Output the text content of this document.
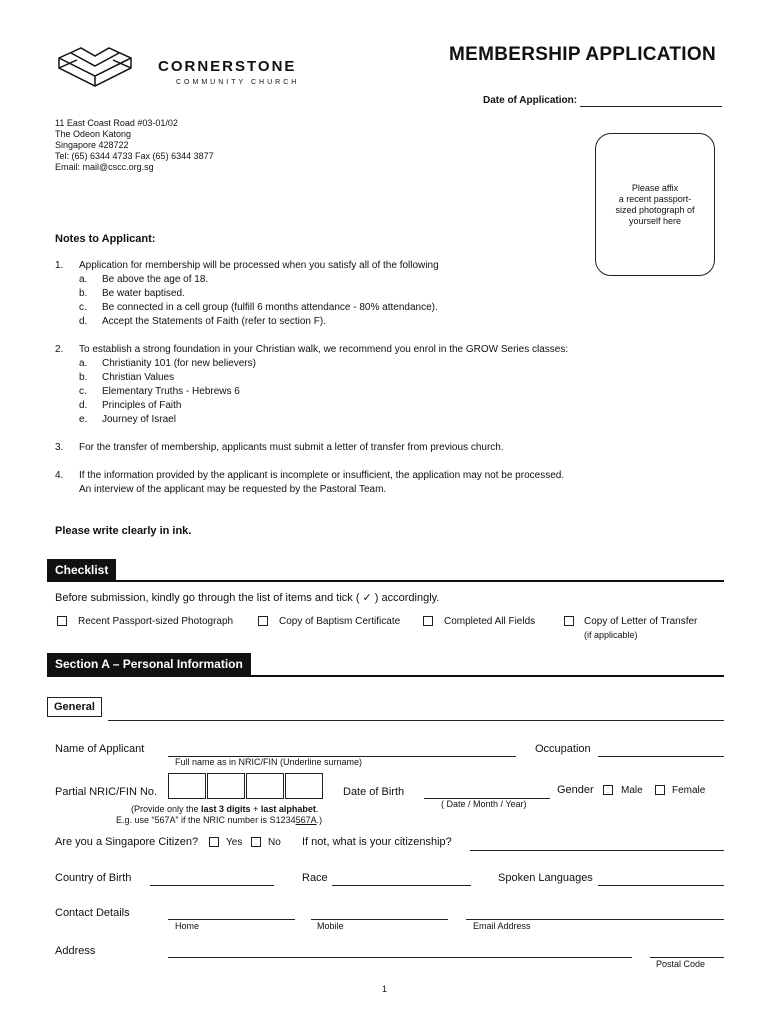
CORNERSTONE
COMMUNITY CHURCH
MEMBERSHIP APPLICATION
Date of Application:
11 East Coast Road #03-01/02
The Odeon Katong
Singapore 428722
Tel: (65) 6344 4733 Fax (65) 6344 3877
Email: mail@cscc.org.sg
Please affix
a recent passport-
sized photograph of
yourself here
Notes to Applicant:
1. Application for membership will be processed when you satisfy all of the following
a. Be above the age of 18.
b. Be water baptised.
c. Be connected in a cell group (fulfill 6 months attendance - 80% attendance).
d. Accept the Statements of Faith (refer to section F).
2. To establish a strong foundation in your Christian walk, we recommend you enrol in the GROW Series classes:
a. Christianity 101 (for new believers)
b. Christian Values
c. Elementary Truths - Hebrews 6
d. Principles of Faith
e. Journey of Israel
3. For the transfer of membership, applicants must submit a letter of transfer from previous church.
4. If the information provided by the applicant is incomplete or insufficient, the application may not be processed.
An interview of the applicant may be requested by the Pastoral Team.
Please write clearly in ink.
Checklist
Before submission, kindly go through the list of items and tick ( ✓ ) accordingly.
Recent Passport-sized Photograph	Copy of Baptism Certificate	Completed All Fields	Copy of Letter of Transfer
(if applicable)
Section A – Personal Information
General
Name of Applicant
Full name as in NRIC/FIN (Underline surname)
Occupation
Partial NRIC/FIN No.
(Provide only the last 3 digits + last alphabet.
E.g. use “567A” if the NRIC number is S1234567A.)
Date of Birth
( Date / Month / Year)
Gender	Male	Female
Are you a Singapore Citizen?	Yes	No If not, what is your citizenship?
Country of Birth	Race	Spoken Languages
Contact Details
Home	Mobile	Email Address
Address
Postal Code
1
